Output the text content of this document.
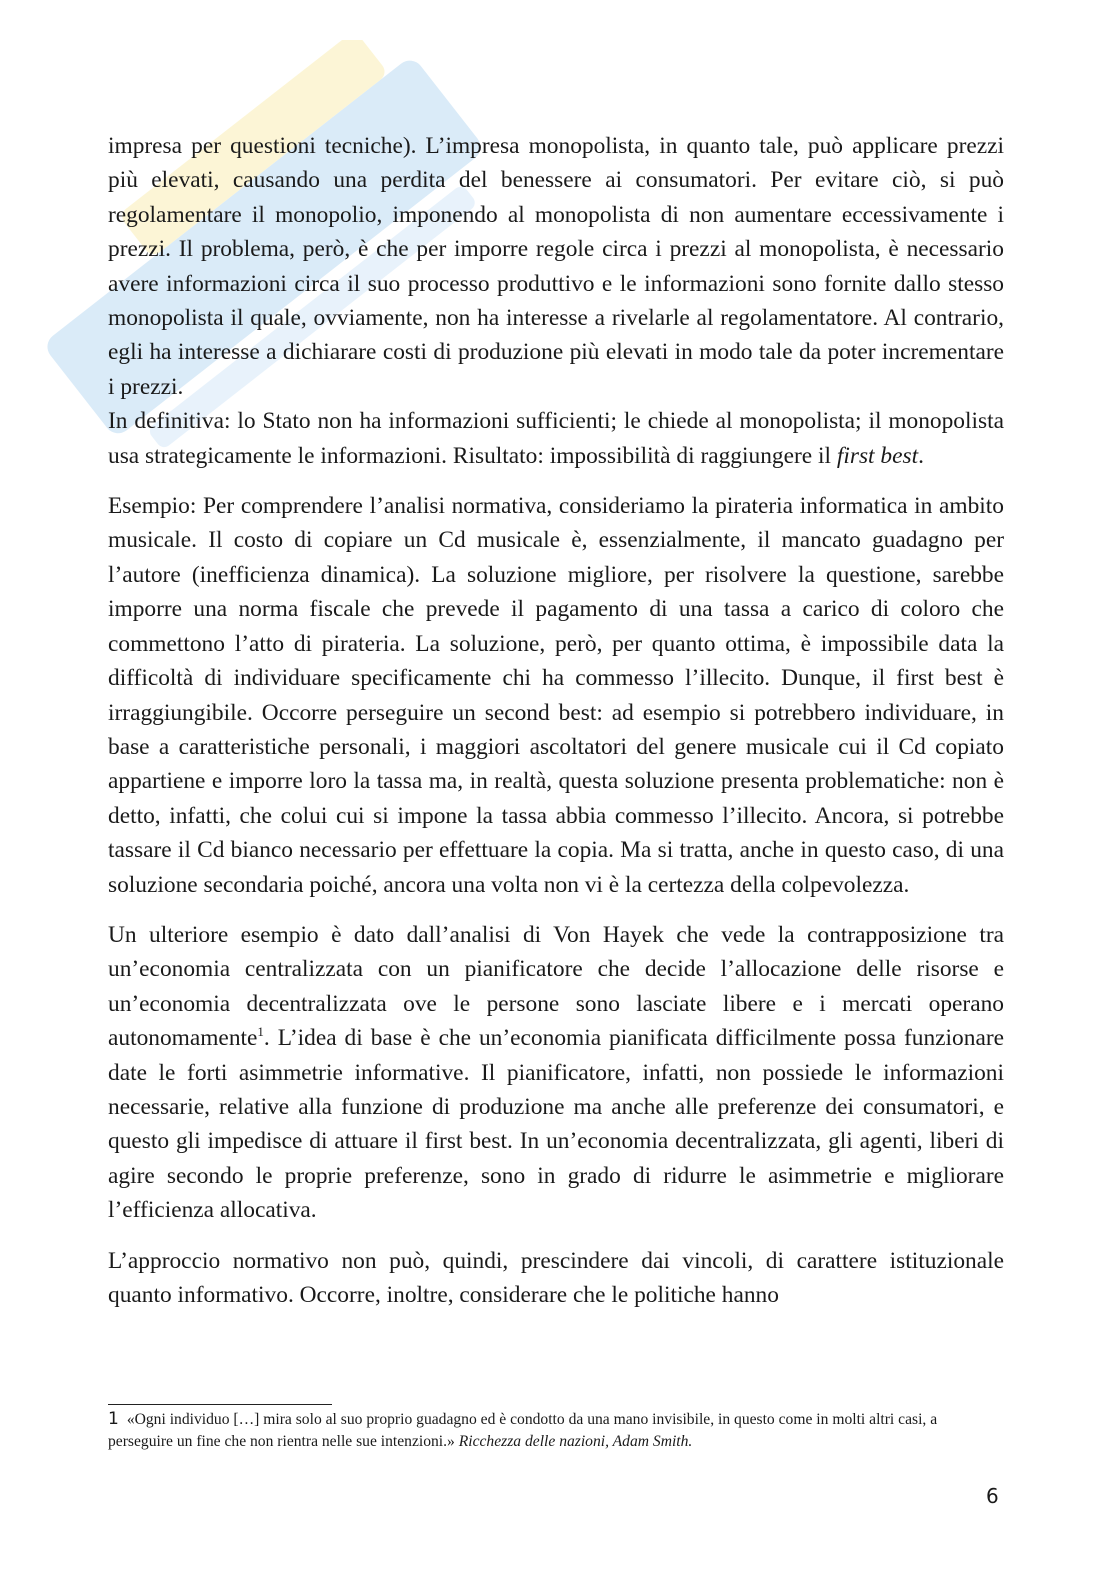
impresa per questioni tecniche). L’impresa monopolista, in quanto tale, può applicare prezzi più elevati, causando una perdita del benessere ai consumatori. Per evitare ciò, si può regolamentare il monopolio, imponendo al monopolista di non aumentare eccessivamente i prezzi. Il problema, però, è che per imporre regole circa i prezzi al monopolista, è necessario avere informazioni circa il suo processo produttivo e le informazioni sono fornite dallo stesso monopolista il quale, ovviamente, non ha interesse a rivelarle al regolamentatore. Al contrario, egli ha interesse a dichiarare costi di produzione più elevati in modo tale da poter incrementare i prezzi.
In definitiva: lo Stato non ha informazioni sufficienti; le chiede al monopolista; il monopolista usa strategicamente le informazioni. Risultato: impossibilità di raggiungere il first best.

Esempio: Per comprendere l’analisi normativa, consideriamo la pirateria informatica in ambito musicale. Il costo di copiare un Cd musicale è, essenzialmente, il mancato guadagno per l’autore (inefficienza dinamica). La soluzione migliore, per risolvere la questione, sarebbe imporre una norma fiscale che prevede il pagamento di una tassa a carico di coloro che commettono l’atto di pirateria. La soluzione, però, per quanto ottima, è impossibile data la difficoltà di individuare specificamente chi ha commesso l’illecito. Dunque, il first best è irraggiungibile. Occorre perseguire un second best: ad esempio si potrebbero individuare, in base a caratteristiche personali, i maggiori ascoltatori del genere musicale cui il Cd copiato appartiene e imporre loro la tassa ma, in realtà, questa soluzione presenta problematiche: non è detto, infatti, che colui cui si impone la tassa abbia commesso l’illecito. Ancora, si potrebbe tassare il Cd bianco necessario per effettuare la copia. Ma si tratta, anche in questo caso, di una soluzione secondaria poiché, ancora una volta non vi è la certezza della colpevolezza.

Un ulteriore esempio è dato dall’analisi di Von Hayek che vede la contrapposizione tra un’economia centralizzata con un pianificatore che decide l’allocazione delle risorse e un’economia decentralizzata ove le persone sono lasciate libere e i mercati operano autonomamente$^1$. L’idea di base è che un’economia pianificata difficilmente possa funzionare date le forti asimmetrie informative. Il pianificatore, infatti, non possiede le informazioni necessarie, relative alla funzione di produzione ma anche alle preferenze dei consumatori, e questo gli impedisce di attuare il first best. In un’economia decentralizzata, gli agenti, liberi di agire secondo le proprie preferenze, sono in grado di ridurre le asimmetrie e migliorare l’efficienza allocativa.

L’approccio normativo non può, quindi, prescindere dai vincoli, di carattere istituzionale quanto informativo. Occorre, inoltre, considerare che le politiche hanno

1 «Ogni individuo […] mira solo al suo proprio guadagno ed è condotto da una mano invisibile, in questo come in molti altri casi, a perseguire un fine che non rientra nelle sue intenzioni.» Ricchezza delle nazioni, Adam Smith.
6
